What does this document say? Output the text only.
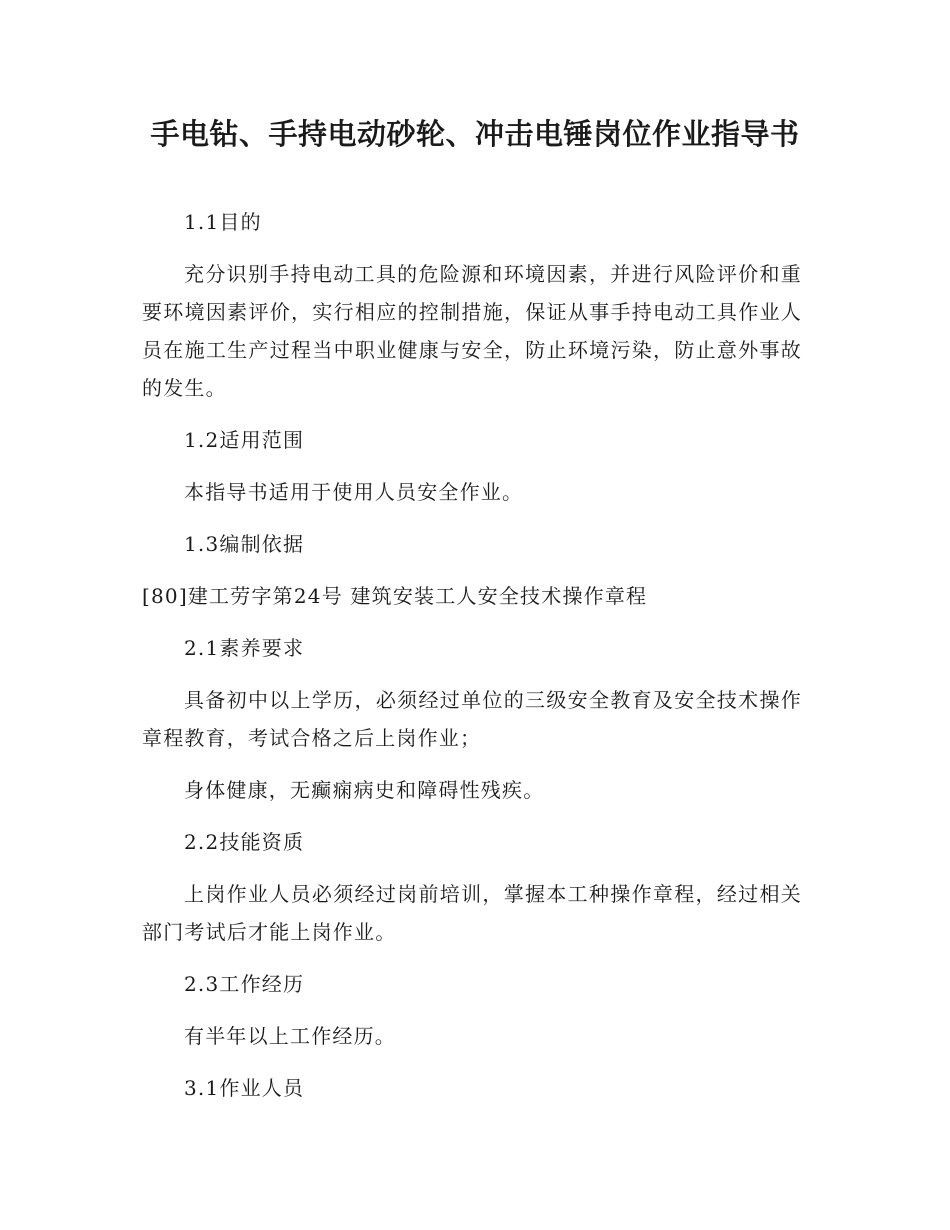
手电钻、手持电动砂轮、冲击电锤岗位作业指导书

1.1目的

充分识别手持电动工具的危险源和环境因素，并进行风险评价和重要环境因素评价，实行相应的控制措施，保证从事手持电动工具作业人员在施工生产过程当中职业健康与安全，防止环境污染，防止意外事故的发生。

1.2适用范围

本指导书适用于使用人员安全作业。

1.3编制依据

[80]建工劳字第24号 建筑安装工人安全技术操作章程

2.1素养要求

具备初中以上学历，必须经过单位的三级安全教育及安全技术操作章程教育，考试合格之后上岗作业；

身体健康，无癫痫病史和障碍性残疾。

2.2技能资质

上岗作业人员必须经过岗前培训，掌握本工种操作章程，经过相关部门考试后才能上岗作业。

2.3工作经历

有半年以上工作经历。

3.1作业人员
